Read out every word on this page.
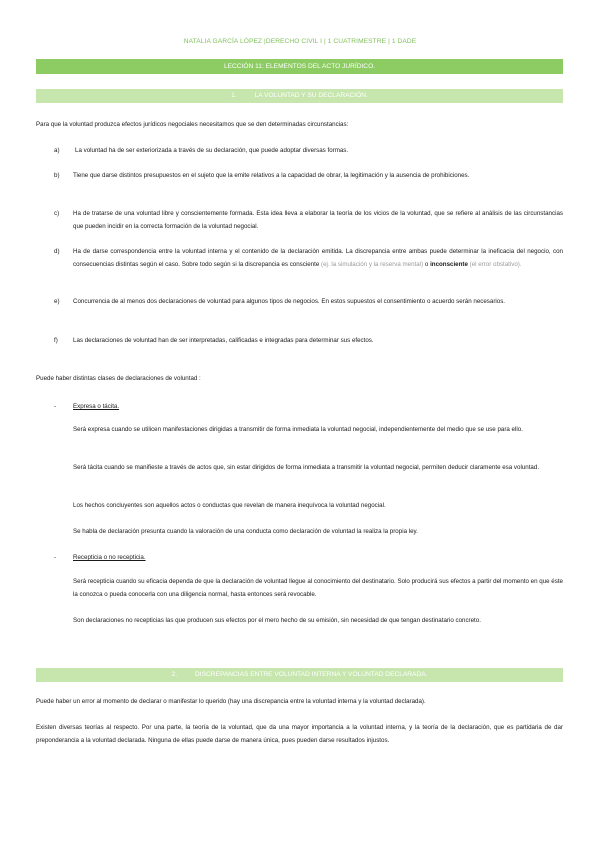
NATALIA GARCÍA LÓPEZ |DERECHO CIVIL I | 1 CUATRIMESTRE | 1 DADE
LECCIÓN 11: ELEMENTOS DEL ACTO JURÍDICO.
1.	LA VOLUNTAD Y SU DECLARACIÓN.
Para que la voluntad produzca efectos jurídicos negociales necesitamos que se den determinadas circunstancias:
a) La voluntad ha de ser exteriorizada a través de su declaración, que puede adoptar diversas formas.
b) Tiene que darse distintos presupuestos en el sujeto que la emite relativos a la capacidad de obrar, la legitimación y la ausencia de prohibiciones.
c) Ha de tratarse de una voluntad libre y conscientemente formada. Esta idea lleva a elaborar la teoría de los vicios de la voluntad, que se refiere al análisis de las circunstancias que pueden incidir en la correcta formación de la voluntad negocial.
d) Ha de darse correspondencia entre la voluntad interna y el contenido de la declaración emitida. La discrepancia entre ambas puede determinar la ineficacia del negocio, con consecuencias distintas según el caso. Sobre todo según si la discrepancia es consciente (ej. la simulación y la reserva mental) o inconsciente (el error obstativo).
e) Concurrencia de al menos dos declaraciones de voluntad para algunos tipos de negocios. En estos supuestos el consentimiento o acuerdo serán necesarios.
f) Las declaraciones de voluntad han de ser interpretadas, calificadas e integradas para determinar sus efectos.
Puede haber distintas clases de declaraciones de voluntad :
-	Expresa o tácita.
Será expresa cuando se utilicen manifestaciones dirigidas a transmitir de forma inmediata la voluntad negocial, independientemente del medio que se use para ello.
Será tácita cuando se manifieste a través de actos que, sin estar dirigidos de forma inmediata a transmitir la voluntad negocial, permiten deducir claramente esa voluntad.
Los hechos concluyentes son aquellos actos o conductas que revelan de manera inequívoca la voluntad negocial.
Se habla de declaración presunta cuando la valoración de una conducta como declaración de voluntad la realiza la propia ley.
-	Recepticia o no recepticia.
Será recepticia cuando su eficacia dependa de que la declaración de voluntad llegue al conocimiento del destinatario. Solo producirá sus efectos a partir del momento en que éste la conozca o pueda conocerla con una diligencia normal, hasta entonces será revocable.
Son declaraciones no recepticias las que producen sus efectos por el mero hecho de su emisión, sin necesidad de que tengan destinatario concreto.
2.	DISCREPANCIAS ENTRE VOLUNTAD INTERNA Y VOLUNTAD DECLARADA.
Puede haber un error al momento de declarar o manifestar lo querido (hay una discrepancia entre la voluntad interna y la voluntad declarada).
Existen diversas teorías al respecto. Por una parte, la teoría de la voluntad, que da una mayor importancia a la voluntad interna, y la teoría de la declaración, que es partidaria de dar preponderancia a la voluntad declarada. Ninguna de ellas puede darse de manera única, pues pueden darse resultados injustos.
